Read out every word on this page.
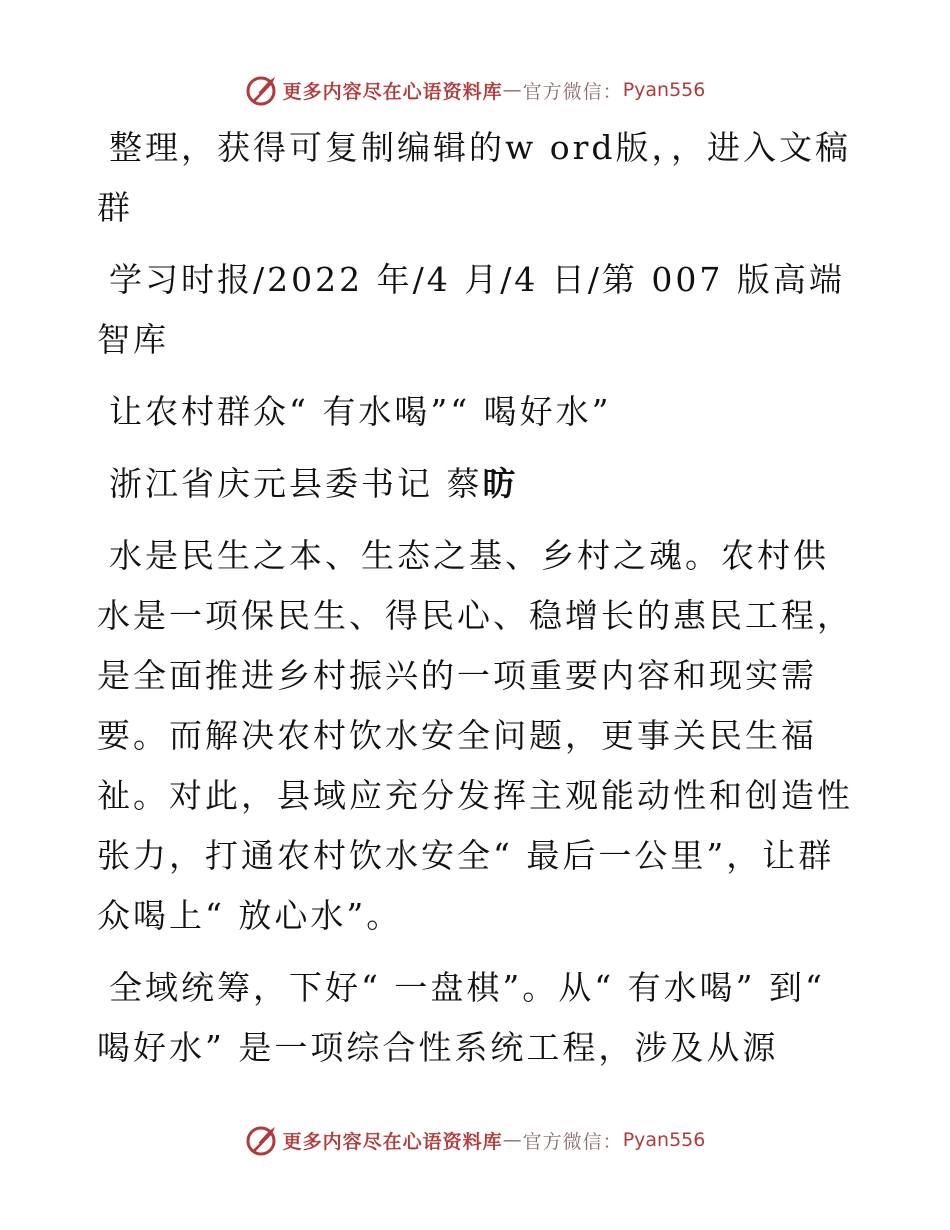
更多内容尽在心语资料库 — 官方微信： Pyan556

整理，获得可复制编辑的w ord版，，进入文稿群

学习时报/2022 年/4 月/4 日/第 007 版高端智库

让农村群众“ 有水喝”“ 喝好水”

浙江省庆元县委书记 蔡昉

水是民生之本、生态之基、乡村之魂。农村供水是一项保民生、得民心、稳增长的惠民工程，是全面推进乡村振兴的一项重要内容和现实需要。而解决农村饮水安全问题，更事关民生福祉。对此，县域应充分发挥主观能动性和创造性张力，打通农村饮水安全“ 最后一公里”，让群众喝上“ 放心水”。

全域统筹，下好“ 一盘棋”。从“ 有水喝” 到“ 喝好水” 是一项综合性系统工程，涉及从源

更多内容尽在心语资料库 — 官方微信： Pyan556
